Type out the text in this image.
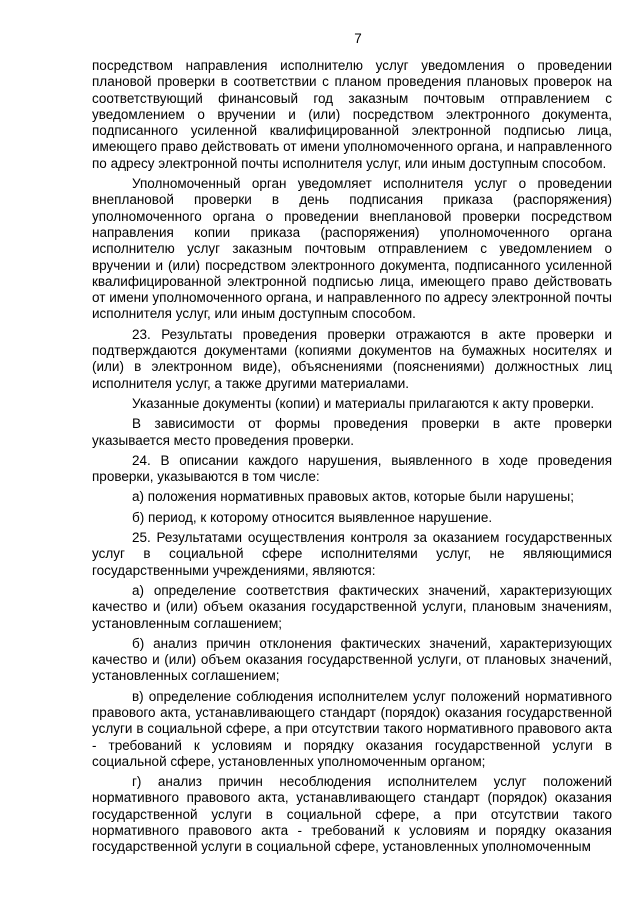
7

посредством направления исполнителю услуг уведомления о проведении плановой проверки в соответствии с планом проведения плановых проверок на соответствующий финансовый год заказным почтовым отправлением с уведомлением о вручении и (или) посредством электронного документа, подписанного усиленной квалифицированной электронной подписью лица, имеющего право действовать от имени уполномоченного органа, и направленного по адресу электронной почты исполнителя услуг, или иным доступным способом.

Уполномоченный орган уведомляет исполнителя услуг о проведении внеплановой проверки в день подписания приказа (распоряжения) уполномоченного органа о проведении внеплановой проверки посредством направления копии приказа (распоряжения) уполномоченного органа исполнителю услуг заказным почтовым отправлением с уведомлением о вручении и (или) посредством электронного документа, подписанного усиленной квалифицированной электронной подписью лица, имеющего право действовать от имени уполномоченного органа, и направленного по адресу электронной почты исполнителя услуг, или иным доступным способом.

23. Результаты проведения проверки отражаются в акте проверки и подтверждаются документами (копиями документов на бумажных носителях и (или) в электронном виде), объяснениями (пояснениями) должностных лиц исполнителя услуг, а также другими материалами.

Указанные документы (копии) и материалы прилагаются к акту проверки.

В зависимости от формы проведения проверки в акте проверки указывается место проведения проверки.

24. В описании каждого нарушения, выявленного в ходе проведения проверки, указываются в том числе:

а) положения нормативных правовых актов, которые были нарушены;

б) период, к которому относится выявленное нарушение.

25. Результатами осуществления контроля за оказанием государственных услуг в социальной сфере исполнителями услуг, не являющимися государственными учреждениями, являются:

а) определение соответствия фактических значений, характеризующих качество и (или) объем оказания государственной услуги, плановым значениям, установленным соглашением;

б) анализ причин отклонения фактических значений, характеризующих качество и (или) объем оказания государственной услуги, от плановых значений, установленных соглашением;

в) определение соблюдения исполнителем услуг положений нормативного правового акта, устанавливающего стандарт (порядок) оказания государственной услуги в социальной сфере, а при отсутствии такого нормативного правового акта - требований к условиям и порядку оказания государственной услуги в социальной сфере, установленных уполномоченным органом;

г) анализ причин несоблюдения исполнителем услуг положений нормативного правового акта, устанавливающего стандарт (порядок) оказания государственной услуги в социальной сфере, а при отсутствии такого нормативного правового акта - требований к условиям и порядку оказания государственной услуги в социальной сфере, установленных уполномоченным
